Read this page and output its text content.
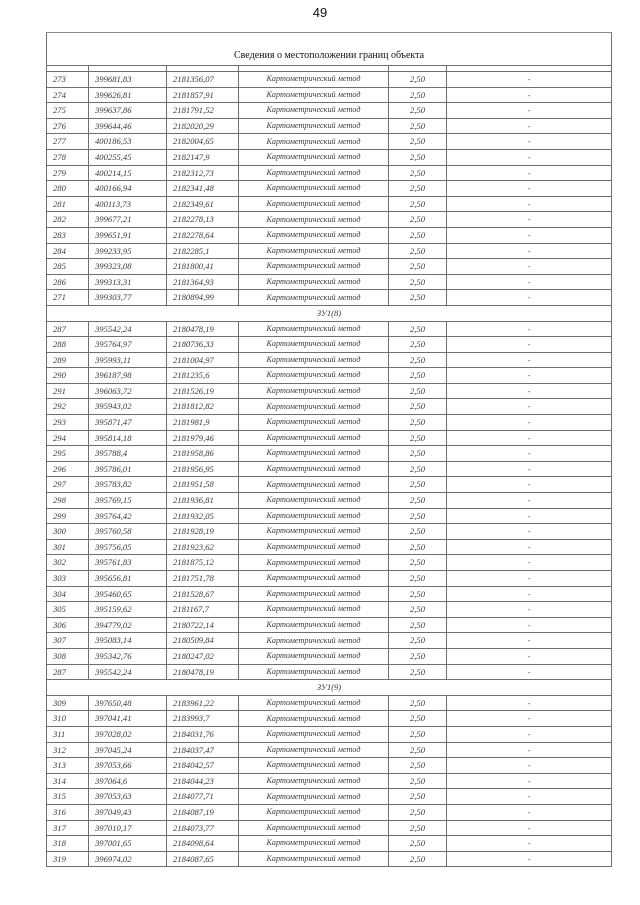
49
Сведения о местоположении границ объекта					

273	399681,83	2181356,07	Картометрический метод	2,50	-
274	399626,81	2181857,91	Картометрический метод	2,50	-
275	399637,86	2181791,52	Картометрический метод	2,50	-
276	399644,46	2182020,29	Картометрический метод	2,50	-
277	400186,53	2182004,65	Картометрический метод	2,50	-
278	400255,45	2182147,9	Картометрический метод	2,50	-
279	400214,15	2182312,73	Картометрический метод	2,50	-
280	400166,94	2182341,48	Картометрический метод	2,50	-
281	400113,73	2182349,61	Картометрический метод	2,50	-
282	399677,21	2182278,13	Картометрический метод	2,50	-
283	399651,91	2182278,64	Картометрический метод	2,50	-
284	399233,95	2182285,1	Картометрический метод	2,50	-
285	399323,08	2181800,41	Картометрический метод	2,50	-
286	399313,31	2181364,93	Картометрический метод	2,50	-
271	399303,77	2180894,99	Картометрический метод	2,50	-
ЗУ1(8)					
287	395542,24	2180478,19	Картометрический метод	2,50	-
288	395764,97	2180736,33	Картометрический метод	2,50	-
289	395993,11	2181004,97	Картометрический метод	2,50	-
290	396187,98	2181235,6	Картометрический метод	2,50	-
291	396063,72	2181526,19	Картометрический метод	2,50	-
292	395943,02	2181812,82	Картометрический метод	2,50	-
293	395871,47	2181981,9	Картометрический метод	2,50	-
294	395814,18	2181979,46	Картометрический метод	2,50	-
295	395788,4	2181958,86	Картометрический метод	2,50	-
296	395786,01	2181956,95	Картометрический метод	2,50	-
297	395783,82	2181951,58	Картометрический метод	2,50	-
298	395769,15	2181936,81	Картометрический метод	2,50	-
299	395764,42	2181932,05	Картометрический метод	2,50	-
300	395760,58	2181928,19	Картометрический метод	2,50	-
301	395756,05	2181923,62	Картометрический метод	2,50	-
302	395761,83	2181875,12	Картометрический метод	2,50	-
303	395656,81	2181751,78	Картометрический метод	2,50	-
304	395460,65	2181528,67	Картометрический метод	2,50	-
305	395159,62	2181167,7	Картометрический метод	2,50	-
306	394779,02	2180722,14	Картометрический метод	2,50	-
307	395083,14	2180509,84	Картометрический метод	2,50	-
308	395342,76	2180247,02	Картометрический метод	2,50	-
287	395542,24	2180478,19	Картометрический метод	2,50	-
ЗУ1(9)					
309	397650,48	2183961,22	Картометрический метод	2,50	-
310	397041,41	2183993,7	Картометрический метод	2,50	-
311	397028,02	2184031,76	Картометрический метод	2,50	-
312	397045,24	2184037,47	Картометрический метод	2,50	-
313	397053,66	2184042,57	Картометрический метод	2,50	-
314	397064,6	2184044,23	Картометрический метод	2,50	-
315	397053,63	2184077,71	Картометрический метод	2,50	-
316	397049,43	2184087,19	Картометрический метод	2,50	-
317	397010,17	2184073,77	Картометрический метод	2,50	-
318	397001,65	2184098,64	Картометрический метод	2,50	-
319	396974,02	2184087,65	Картометрический метод	2,50	-
